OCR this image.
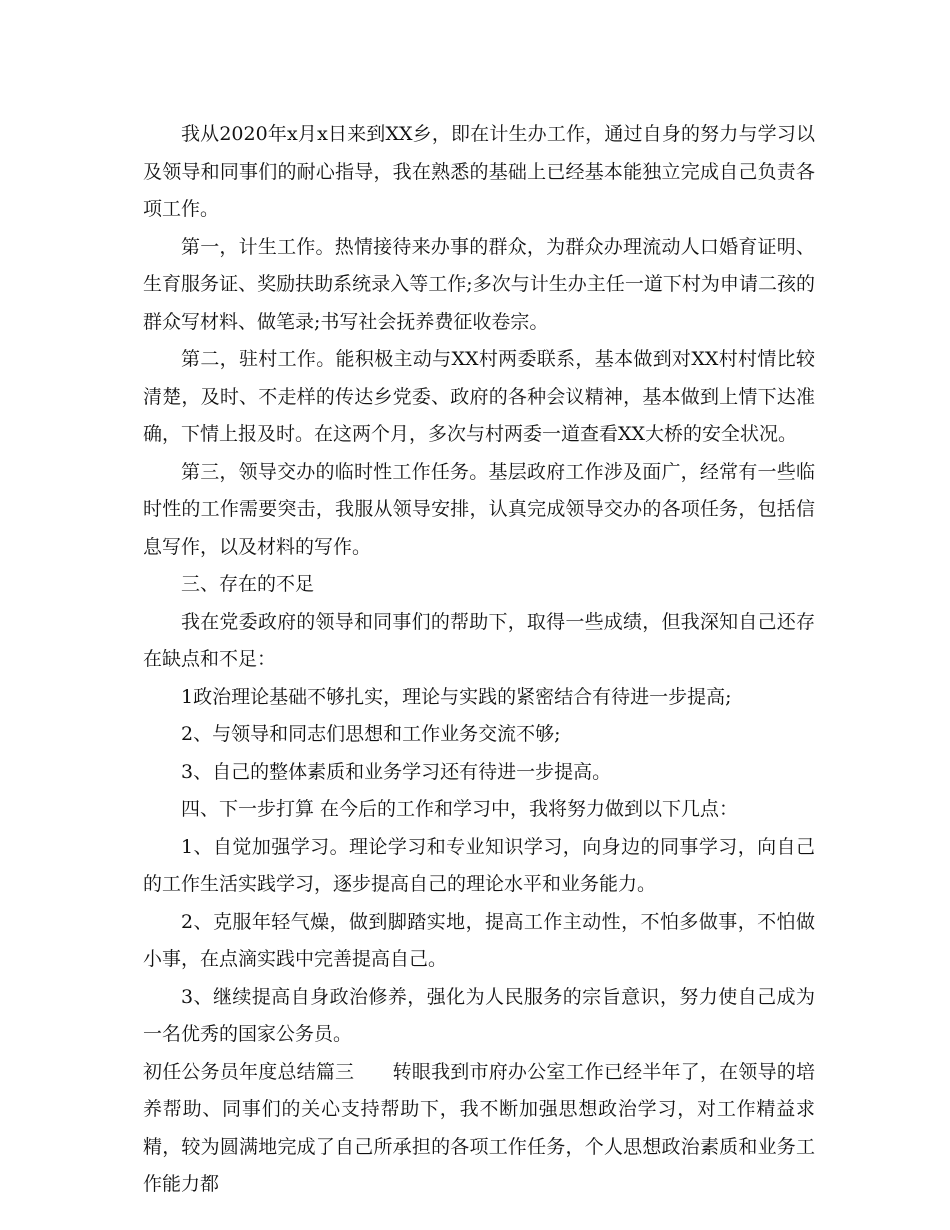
我从2020年x月x日来到XX乡，即在计生办工作，通过自身的努力与学习以及领导和同事们的耐心指导，我在熟悉的基础上已经基本能独立完成自己负责各项工作。

第一，计生工作。热情接待来办事的群众，为群众办理流动人口婚育证明、生育服务证、奖励扶助系统录入等工作;多次与计生办主任一道下村为申请二孩的群众写材料、做笔录;书写社会抚养费征收卷宗。

第二，驻村工作。能积极主动与XX村两委联系，基本做到对XX村村情比较清楚，及时、不走样的传达乡党委、政府的各种会议精神，基本做到上情下达准确，下情上报及时。在这两个月，多次与村两委一道查看XX大桥的安全状况。

第三，领导交办的临时性工作任务。基层政府工作涉及面广，经常有一些临时性的工作需要突击，我服从领导安排，认真完成领导交办的各项任务，包括信息写作，以及材料的写作。

三、存在的不足

我在党委政府的领导和同事们的帮助下，取得一些成绩，但我深知自己还存在缺点和不足：

1政治理论基础不够扎实，理论与实践的紧密结合有待进一步提高;

2、与领导和同志们思想和工作业务交流不够;

3、自己的整体素质和业务学习还有待进一步提高。

四、下一步打算 在今后的工作和学习中，我将努力做到以下几点：

1、自觉加强学习。理论学习和专业知识学习，向身边的同事学习，向自己的工作生活实践学习，逐步提高自己的理论水平和业务能力。

2、克服年轻气燥，做到脚踏实地，提高工作主动性，不怕多做事，不怕做小事，在点滴实践中完善提高自己。

3、继续提高自身政治修养，强化为人民服务的宗旨意识，努力使自己成为一名优秀的国家公务员。

初任公务员年度总结篇三　　转眼我到市府办公室工作已经半年了，在领导的培养帮助、同事们的关心支持帮助下，我不断加强思想政治学习，对工作精益求精，较为圆满地完成了自己所承担的各项工作任务，个人思想政治素质和业务工作能力都
